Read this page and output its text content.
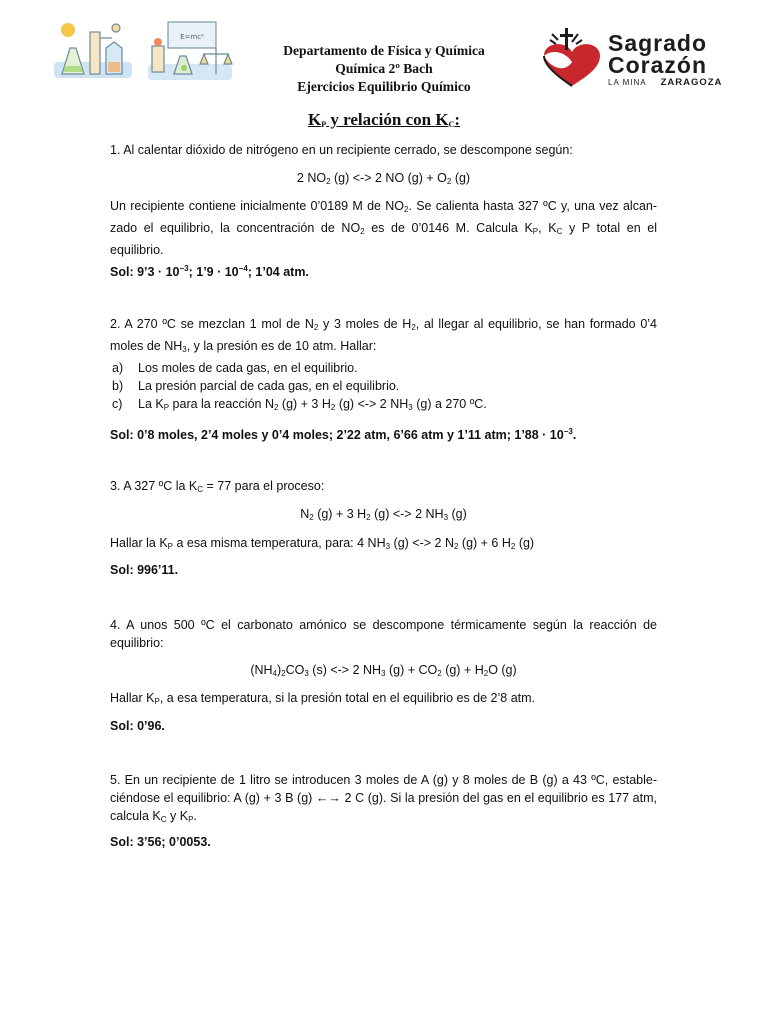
E=mc²
Departamento de Física y Química
Química 2º Bach
Ejercicios Equilibrio Químico
Sagrado
Corazón
LA MINA ZARAGOZA
$K_P$ y relación con $K_C$:
1. Al calentar dióxido de nitrógeno en un recipiente cerrado, se descompone según:
2 $NO_2$ (g) <-> 2 NO $(g) + O_2$ (g)
Un recipiente contiene inicialmente 0’0189 M de $NO_2$. Se calienta hasta 327 ºC y, una vez alcan-zado el equilibrio, la concentración de $NO_2$ es de 0’0146 M. Calcula $K_P$, $K_C$ y P total en el equilibrio.
Sol: 9’3 · $10^{-3}$; 1’9 · $10^{-4}$; 1’04 atm.
2. A 270 ºC se mezclan 1 mol de $N_2$ y 3 moles de $H_2$, al llegar al equilibrio, se han formado 0’4 moles de $NH_3$, y la presión es de 10 atm. Hallar:
a) Los moles de cada gas, en el equilibrio.
b) La presión parcial de cada gas, en el equilibrio.
c) La $K_P$ para la reacción $N_2$ (g) + 3 $H_2$ (g) <-> 2 $NH_3$ (g) a 270 ºC.
Sol: 0’8 moles, 2’4 moles y 0’4 moles; 2’22 atm, 6’66 atm y 1’11 atm; 1’88 · $10^{-3}$.
3. A 327 ºC la $K_C = 77$ para el proceso:
$N_2$ (g) + 3 $H_2$ (g) <-> 2 $NH_3$ (g)
Hallar la $K_P$ a esa misma temperatura, para: 4 $NH_3$ (g) <-> 2 $N_2$ (g) + 6 $H_2$ (g)
Sol: 996’11.
4. A unos 500 ºC el carbonato amónico se descompone térmicamente según la reacción de equilibrio:
$(NH_4)_2CO_3$ (s) <-> 2 $NH_3$ $(g) + CO_2$ $(g) + H_2O$ (g)
Hallar $K_P$, a esa temperatura, si la presión total en el equilibrio es de 2’8 atm.
Sol: 0’96.
5. En un recipiente de 1 litro se introducen 3 moles de A (g) y 8 moles de B (g) a 43 ºC, estable-ciéndose el equilibrio: A (g) + 3 B (g) ←→ 2 C (g). Si la presión del gas en el equilibrio es 177 atm, calcula $K_C$ y $K_P$.
Sol: 3’56; 0’0053.
